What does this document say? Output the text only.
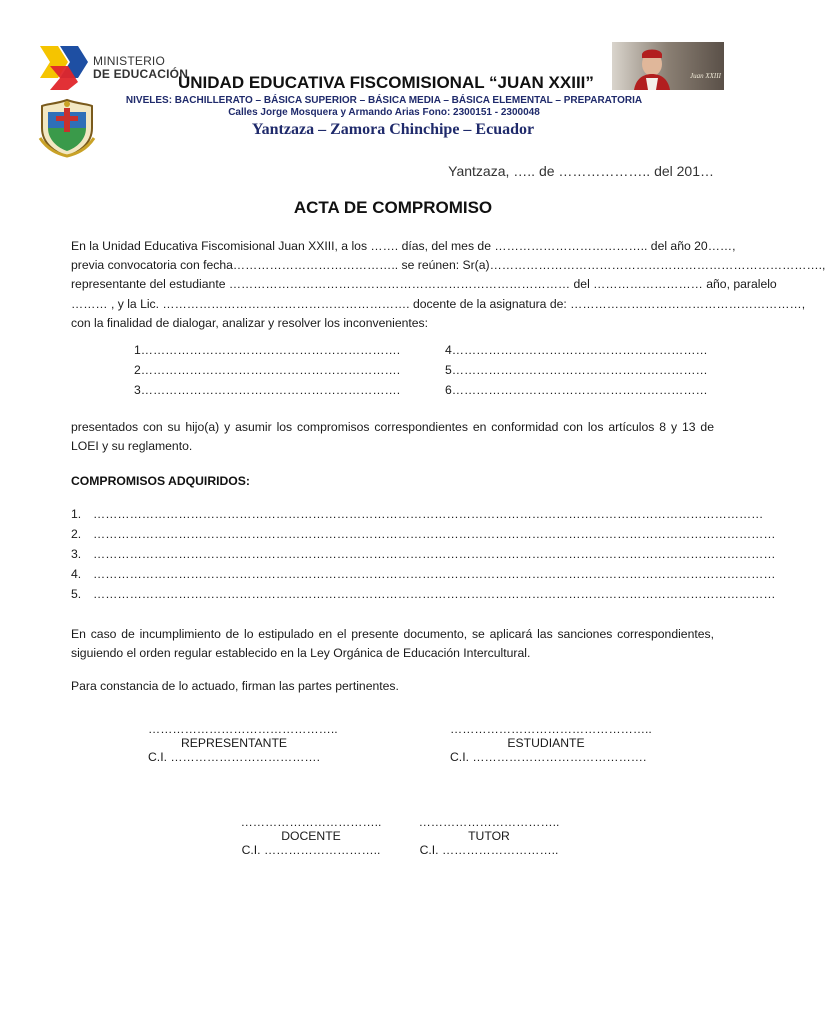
MINISTERIO
DE EDUCACIÓN
UNIDAD EDUCATIVA FISCOMISIONAL “JUAN XXIII”
NIVELES: BACHILLERATO – BÁSICA SUPERIOR – BÁSICA MEDIA – BÁSICA ELEMENTAL – PREPARATORIA
Calles Jorge Mosquera y Armando Arias Fono: 2300151 - 2300048
Yantzaza – Zamora Chinchipe – Ecuador
Juan XXIII
Yantzaza, ….. de ……………….. del 201…
ACTA DE COMPROMISO
En la Unidad Educativa Fiscomisional Juan XXIII, a los ……. días, del mes de ……………………………….. del año 20……,
previa convocatoria con fecha………………………………….. se reúnen: Sr(a)……………………………………………………………………….,
representante del estudiante ………………………………………………………………………… del ……………………… año, paralelo
……… , y la Lic. ……………………………………………………. docente de la asignatura de: …………………………………………………,
con la finalidad de dialogar, analizar y resolver los inconvenientes:
1……………………………………………………….
2……………………………………………………….
3……………………………………………………….
4………………………………………………………
5………………………………………………………
6………………………………………………………
presentados con su hijo(a) y asumir los compromisos correspondientes en conformidad con los artículos 8 y 13 de LOEI y su reglamento.
COMPROMISOS ADQUIRIDOS:
1. …………………………………………………………………………………………………………………………………………………
2. ……………………………………………………………………………………………………………………………………………………
3. ……………………………………………………………………………………………………………………………………………………
4. ……………………………………………………………………………………………………………………………………………………
5. ……………………………………………………………………………………………………………………………………………………
En caso de incumplimiento de lo estipulado en el presente documento, se aplicará las sanciones correspondientes, siguiendo el orden regular establecido en la Ley Orgánica de Educación Intercultural.
Para constancia de lo actuado, firman las partes pertinentes.
………………………………………..
REPRESENTANTE
C.I. ……………………………….
…………………………………………..
ESTUDIANTE
C.I. …………………………………….
……………………………..
DOCENTE
C.I. ………………………..
……………………………..
TUTOR
C.I. ………………………..
